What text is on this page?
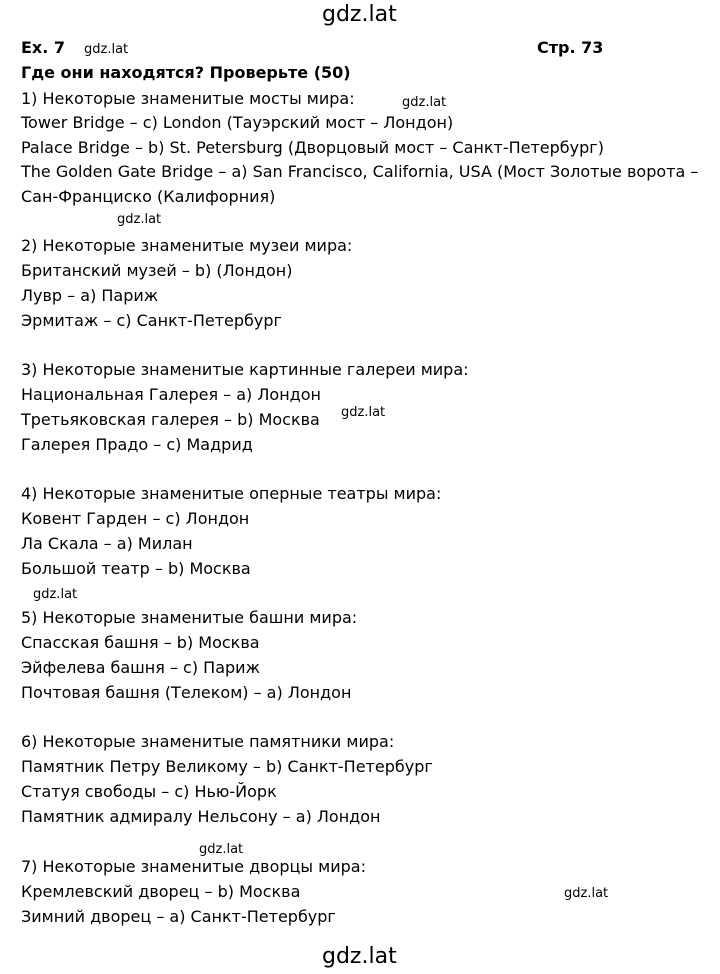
gdz.lat
gdz.lat
gdz.lat
gdz.lat
gdz.lat
gdz.lat
gdz.lat
gdz.lat
gdz.lat
Ex. 7	Стр. 73
Где они находятся? Проверьте (50)
1) Некоторые знаменитые мосты мира:
Tower Bridge – c) London (Тауэрский мост – Лондон)
Palace Bridge – b) St. Petersburg (Дворцовый мост – Санкт-Петербург)
The Golden Gate Bridge – a) San Francisco, California, USA (Мост Золотые ворота – Сан-Франциско (Калифорния)
2) Некоторые знаменитые музеи мира:
Британский музей – b) (Лондон)
Лувр – a) Париж
Эрмитаж – c) Санкт-Петербург
3) Некоторые знаменитые картинные галереи мира:
Национальная Галерея – a) Лондон
Третьяковская галерея – b) Москва
Галерея Прадо – c) Мадрид
4) Некоторые знаменитые оперные театры мира:
Ковент Гарден – c) Лондон
Ла Скала – a) Милан
Большой театр – b) Москва
5) Некоторые знаменитые башни мира:
Спасская башня – b) Москва
Эйфелева башня – c) Париж
Почтовая башня (Телеком) – a) Лондон
6) Некоторые знаменитые памятники мира:
Памятник Петру Великому – b) Санкт-Петербург
Статуя свободы – c) Нью-Йорк
Памятник адмиралу Нельсону – a) Лондон
7) Некоторые знаменитые дворцы мира:
Кремлевский дворец – b) Москва
Зимний дворец – a) Санкт-Петербург
